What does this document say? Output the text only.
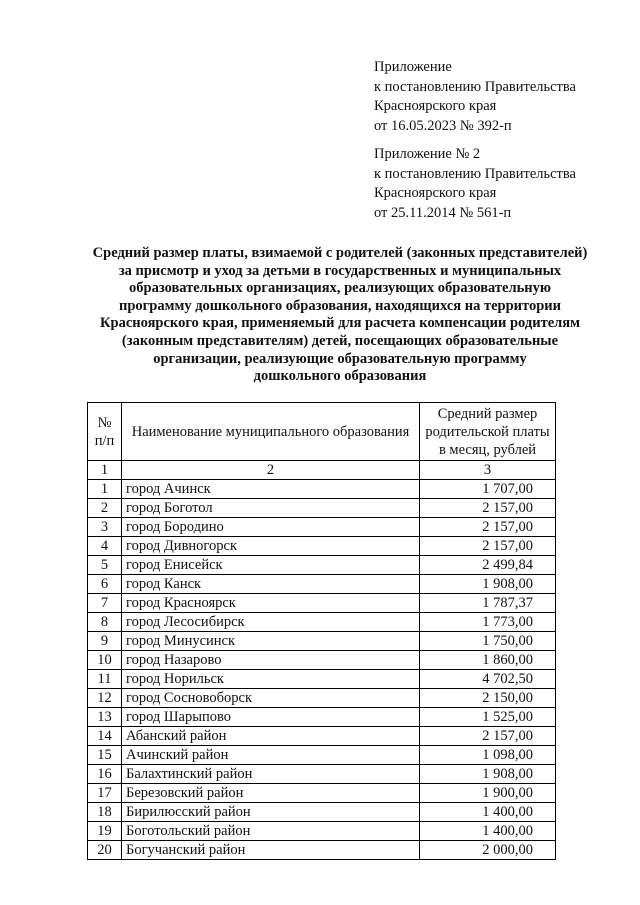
Приложение
к постановлению Правительства
Красноярского края
от 16.05.2023 № 392-п
Приложение № 2
к постановлению Правительства
Красноярского края
от 25.11.2014 № 561-п
Средний размер платы, взимаемой с родителей (законных представителей)
за присмотр и уход за детьми в государственных и муниципальных
образовательных организациях, реализующих образовательную
программу дошкольного образования, находящихся на территории
Красноярского края, применяемый для расчета компенсации родителям
(законным представителям) детей, посещающих образовательные
организации, реализующие образовательную программу
дошкольного образования
№ п/п	Наименование муниципального образования	Средний размер родительской платы в месяц, рублей
1	2	3
1	город Ачинск	1 707,00
2	город Боготол	2 157,00
3	город Бородино	2 157,00
4	город Дивногорск	2 157,00
5	город Енисейск	2 499,84
6	город Канск	1 908,00
7	город Красноярск	1 787,37
8	город Лесосибирск	1 773,00
9	город Минусинск	1 750,00
10	город Назарово	1 860,00
11	город Норильск	4 702,50
12	город Сосновоборск	2 150,00
13	город Шарыпово	1 525,00
14	Абанский район	2 157,00
15	Ачинский район	1 098,00
16	Балахтинский район	1 908,00
17	Березовский район	1 900,00
18	Бирилюсский район	1 400,00
19	Боготольский район	1 400,00
20	Богучанский район	2 000,00
